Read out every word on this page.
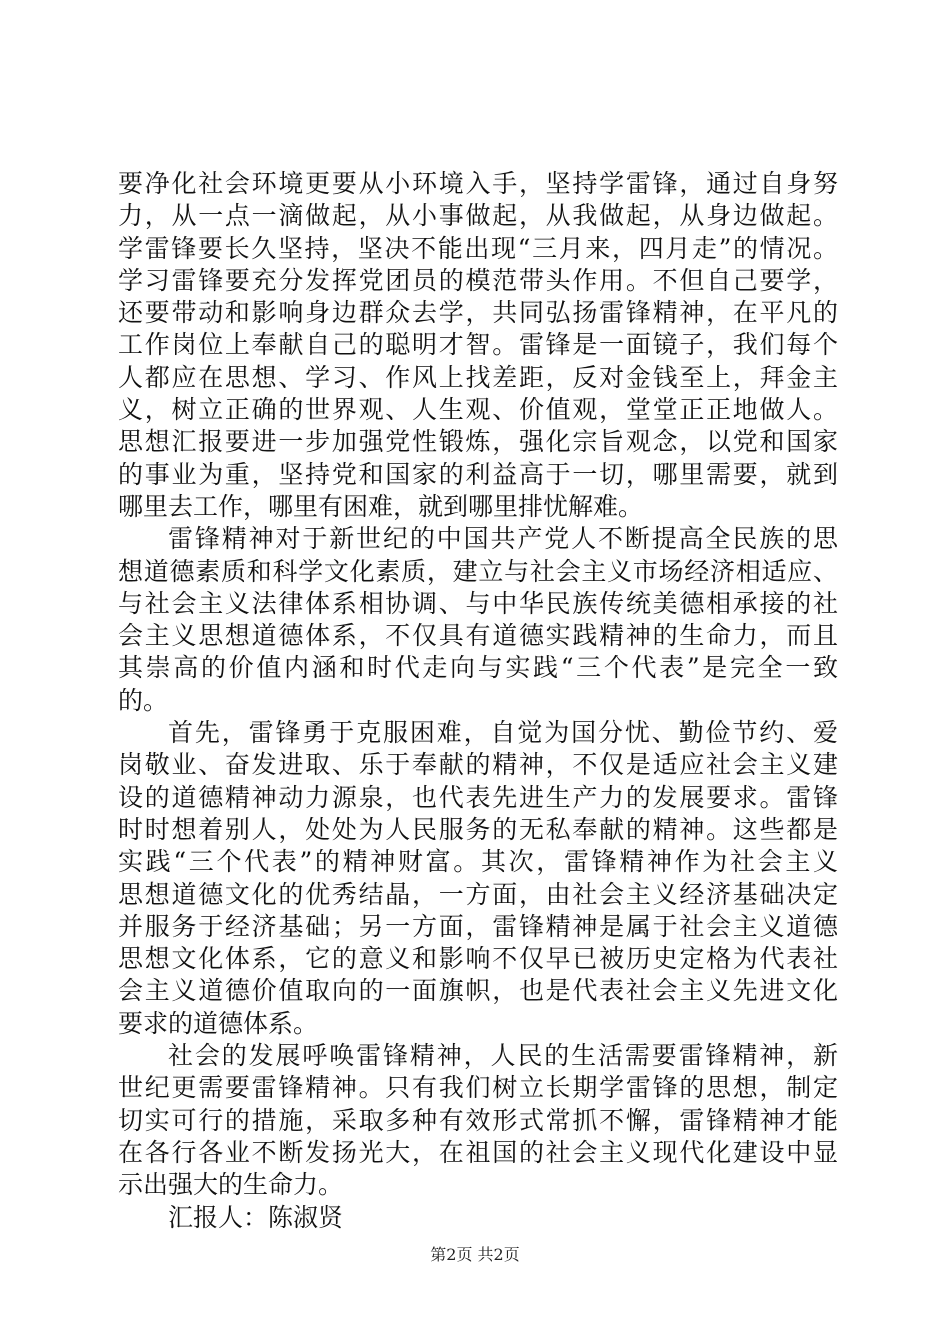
要净化社会环境更要从小环境入手，坚持学雷锋，通过自身努
力，从一点一滴做起，从小事做起，从我做起，从身边做起。
学雷锋要长久坚持，坚决不能出现“三月来，四月走”的情况。
学习雷锋要充分发挥党团员的模范带头作用。不但自己要学，
还要带动和影响身边群众去学，共同弘扬雷锋精神，在平凡的
工作岗位上奉献自己的聪明才智。雷锋是一面镜子，我们每个
人都应在思想、学习、作风上找差距，反对金钱至上，拜金主
义，树立正确的世界观、人生观、价值观，堂堂正正地做人。
思想汇报要进一步加强党性锻炼，强化宗旨观念，以党和国家
的事业为重，坚持党和国家的利益高于一切，哪里需要，就到
哪里去工作，哪里有困难，就到哪里排忧解难。
雷锋精神对于新世纪的中国共产党人不断提高全民族的思
想道德素质和科学文化素质，建立与社会主义市场经济相适应、
与社会主义法律体系相协调、与中华民族传统美德相承接的社
会主义思想道德体系，不仅具有道德实践精神的生命力，而且
其崇高的价值内涵和时代走向与实践“三个代表”是完全一致
的。
首先，雷锋勇于克服困难，自觉为国分忧、勤俭节约、爱
岗敬业、奋发进取、乐于奉献的精神，不仅是适应社会主义建
设的道德精神动力源泉，也代表先进生产力的发展要求。雷锋
时时想着别人，处处为人民服务的无私奉献的精神。这些都是
实践“三个代表”的精神财富。其次，雷锋精神作为社会主义
思想道德文化的优秀结晶，一方面，由社会主义经济基础决定
并服务于经济基础；另一方面，雷锋精神是属于社会主义道德
思想文化体系，它的意义和影响不仅早已被历史定格为代表社
会主义道德价值取向的一面旗帜，也是代表社会主义先进文化
要求的道德体系。
社会的发展呼唤雷锋精神，人民的生活需要雷锋精神，新
世纪更需要雷锋精神。只有我们树立长期学雷锋的思想，制定
切实可行的措施，采取多种有效形式常抓不懈，雷锋精神才能
在各行各业不断发扬光大，在祖国的社会主义现代化建设中显
示出强大的生命力。
汇报人：陈淑贤
第2页 共2页
